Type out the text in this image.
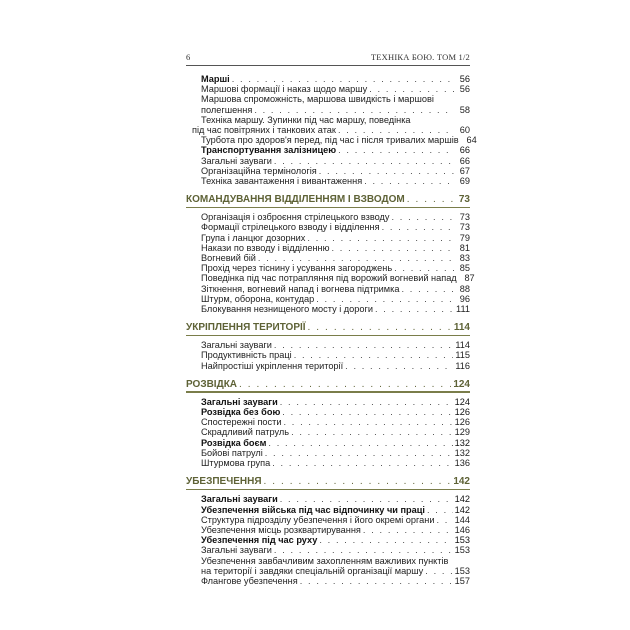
6	ТЕХНІКА БОЮ. ТОМ 1/2
Марші . . .	56
Маршові формації і наказ щодо маршу . . .	56
Маршова спроможність, маршова швидкість і маршові
полегшення . . .	58
Техніка маршу. Зупинки під час маршу, поведінка
під час повітряних і танкових атак . . .	60
Турбота про здоров'я перед, під час і після тривалих маршів 64
Транспортування залізницею . . .	66
Загальні зауваги . . .	66
Організаційна термінологія . . .	67
Техніка завантаження і вивантаження . . .	69
КОМАНДУВАННЯ ВІДДІЛЕННЯМ І ВЗВОДОМ . . .	73
Організація і озброєння стрілецького взводу . . .	73
Формації стрілецького взводу і відділення . . .	73
Група і ланцюг дозорних . . .	79
Накази по взводу і відділенню . . .	81
Вогневий бій . . .	83
Прохід через тіснину і усування загороджень . . .	85
Поведінка під час потрапляння під ворожий вогневий напад 87
Зіткнення, вогневий напад і вогнева підтримка . . .	88
Штурм, оборона, контудар . . .	96
Блокування незнищеного мосту і дороги . . .	111
УКРІПЛЕННЯ ТЕРИТОРІЇ . . .	114
Загальні зауваги . . .	114
Продуктивність праці . . .	115
Найпростіші укріплення території . . .	116
РОЗВІДКА . . .	124
Загальні зауваги . . .	124
Розвідка без бою . . .	126
Спостережні пости . . .	126
Скрадливий патруль . . .	129
Розвідка боєм . . .	132
Бойові патрулі . . .	132
Штурмова група . . .	136
УБЕЗПЕЧЕННЯ . . .	142
Загальні зауваги . . .	142
Убезпечення війська під час відпочинку чи праці . . .	142
Структура підрозділу убезпечення і його окремі органи . . . 144
Убезпечення місць розквартирування . . .	146
Убезпечення під час руху . . .	153
Загальні зауваги . . .	153
Убезпечення завбачливим захопленням важливих пунктів
на території і завдяки спеціальній організації маршу . . .	153
Флангове убезпечення . . .	157
